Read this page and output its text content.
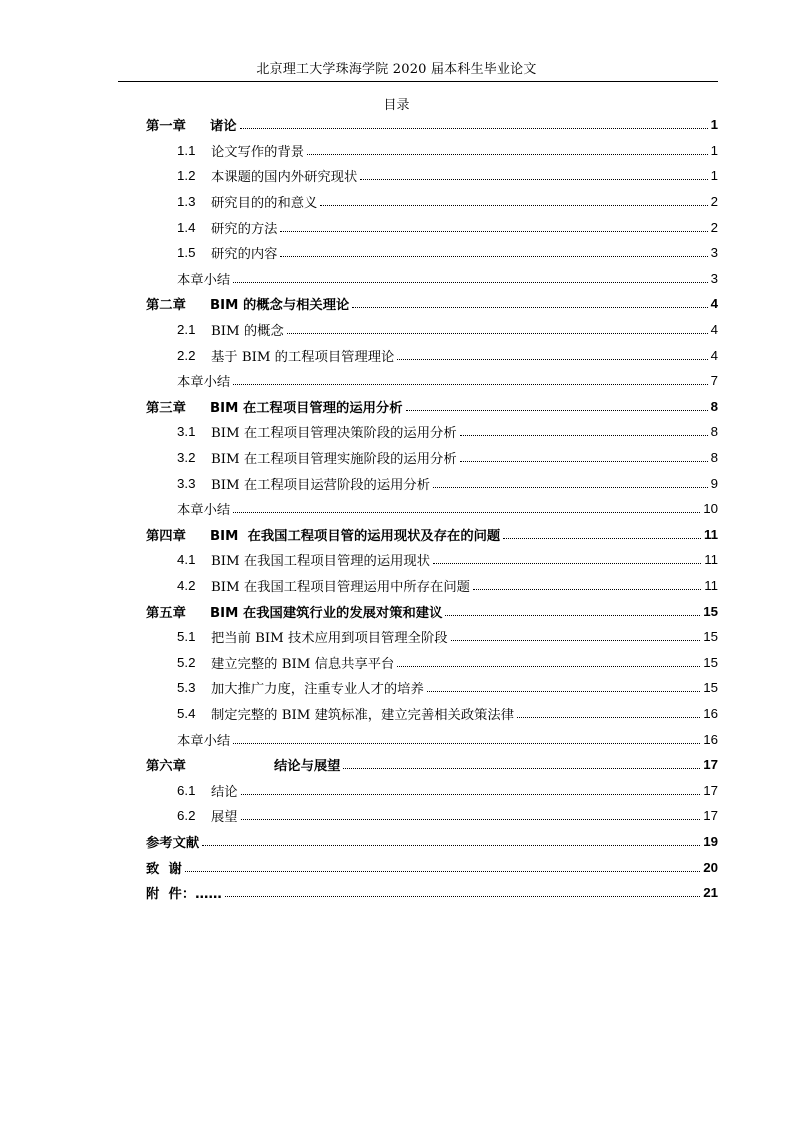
北京理工大学珠海学院 2020 届本科生毕业论文
目录
第一章	诸论	1
1.1	论文写作的背景	1
1.2	本课题的国内外研究现状	1
1.3	研究目的的和意义	2
1.4	研究的方法	2
1.5	研究的内容	3
本章小结	3
第二章	BIM 的概念与相关理论	4
2.1	BIM 的概念	4
2.2	基于 BIM 的工程项目管理理论	4
本章小结	7
第三章	BIM 在工程项目管理的运用分析	8
3.1	BIM 在工程项目管理决策阶段的运用分析	8
3.2	BIM 在工程项目管理实施阶段的运用分析	8
3.3	BIM 在工程项目运营阶段的运用分析	9
本章小结	10
第四章	BIM  在我国工程项目管的运用现状及存在的问题	11
4.1	BIM 在我国工程项目管理的运用现状	11
4.2	BIM 在我国工程项目管理运用中所存在问题	11
第五章	BIM 在我国建筑行业的发展对策和建议	15
5.1	把当前 BIM 技术应用到项目管理全阶段	15
5.2	建立完整的 BIM 信息共享平台	15
5.3	加大推广力度，注重专业人才的培养	15
5.4	制定完整的 BIM 建筑标准，建立完善相关政策法律	16
本章小结	16
第六章	结论与展望	17
6.1	结论	17
6.2	展望	17
参考文献	19
致  谢	20
附  件：……	21
